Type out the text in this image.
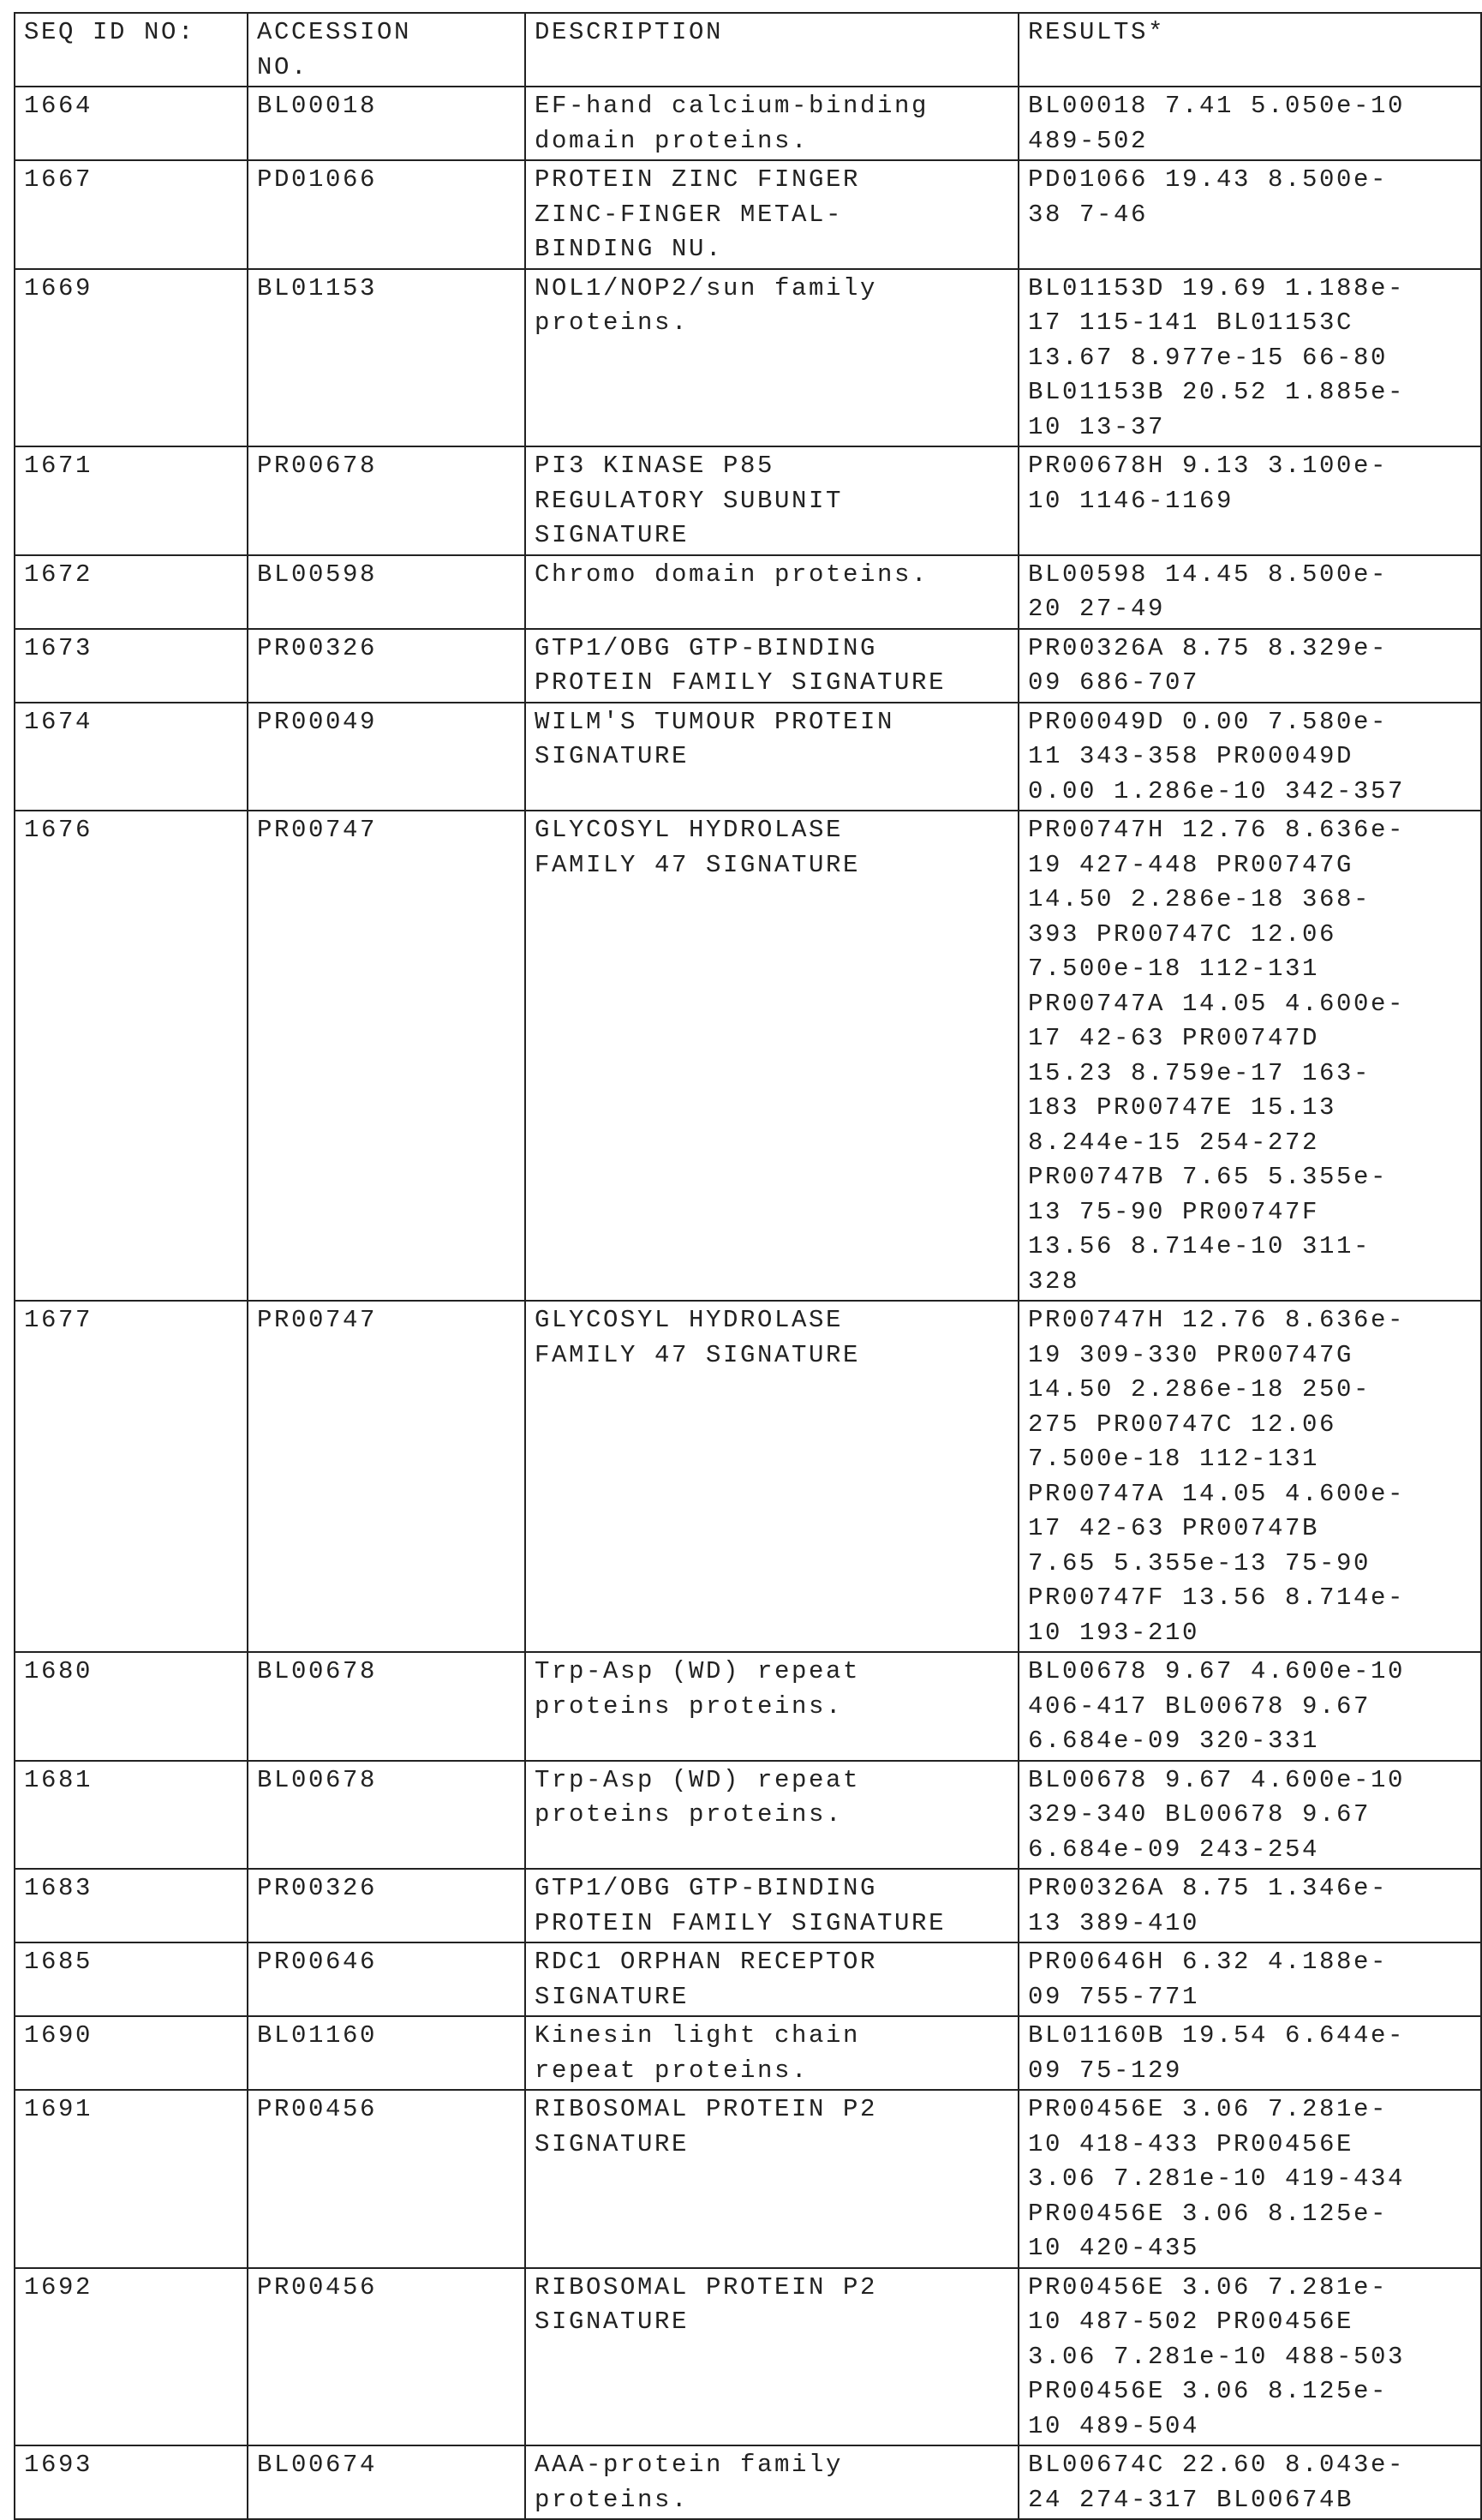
SEQ ID NO:	ACCESSION
NO.	DESCRIPTION	RESULTS*
1664	BL00018	EF-hand calcium-binding
domain proteins.	BL00018 7.41 5.050e-10
489-502
1667	PD01066	PROTEIN ZINC FINGER
ZINC-FINGER METAL-
BINDING NU.	PD01066 19.43 8.500e-
38 7-46
1669	BL01153	NOL1/NOP2/sun family
proteins.	BL01153D 19.69 1.188e-
17 115-141 BL01153C
13.67 8.977e-15 66-80
BL01153B 20.52 1.885e-
10 13-37
1671	PR00678	PI3 KINASE P85
REGULATORY SUBUNIT
SIGNATURE	PR00678H 9.13 3.100e-
10 1146-1169
1672	BL00598	Chromo domain proteins.	BL00598 14.45 8.500e-
20 27-49
1673	PR00326	GTP1/OBG GTP-BINDING
PROTEIN FAMILY SIGNATURE	PR00326A 8.75 8.329e-
09 686-707
1674	PR00049	WILM'S TUMOUR PROTEIN
SIGNATURE	PR00049D 0.00 7.580e-
11 343-358 PR00049D
0.00 1.286e-10 342-357
1676	PR00747	GLYCOSYL HYDROLASE
FAMILY 47 SIGNATURE	PR00747H 12.76 8.636e-
19 427-448 PR00747G
14.50 2.286e-18 368-
393 PR00747C 12.06
7.500e-18 112-131
PR00747A 14.05 4.600e-
17 42-63 PR00747D
15.23 8.759e-17 163-
183 PR00747E 15.13
8.244e-15 254-272
PR00747B 7.65 5.355e-
13 75-90 PR00747F
13.56 8.714e-10 311-
328
1677	PR00747	GLYCOSYL HYDROLASE
FAMILY 47 SIGNATURE	PR00747H 12.76 8.636e-
19 309-330 PR00747G
14.50 2.286e-18 250-
275 PR00747C 12.06
7.500e-18 112-131
PR00747A 14.05 4.600e-
17 42-63 PR00747B
7.65 5.355e-13 75-90
PR00747F 13.56 8.714e-
10 193-210
1680	BL00678	Trp-Asp (WD) repeat
proteins proteins.	BL00678 9.67 4.600e-10
406-417 BL00678 9.67
6.684e-09 320-331
1681	BL00678	Trp-Asp (WD) repeat
proteins proteins.	BL00678 9.67 4.600e-10
329-340 BL00678 9.67
6.684e-09 243-254
1683	PR00326	GTP1/OBG GTP-BINDING
PROTEIN FAMILY SIGNATURE	PR00326A 8.75 1.346e-
13 389-410
1685	PR00646	RDC1 ORPHAN RECEPTOR
SIGNATURE	PR00646H 6.32 4.188e-
09 755-771
1690	BL01160	Kinesin light chain
repeat proteins.	BL01160B 19.54 6.644e-
09 75-129
1691	PR00456	RIBOSOMAL PROTEIN P2
SIGNATURE	PR00456E 3.06 7.281e-
10 418-433 PR00456E
3.06 7.281e-10 419-434
PR00456E 3.06 8.125e-
10 420-435
1692	PR00456	RIBOSOMAL PROTEIN P2
SIGNATURE	PR00456E 3.06 7.281e-
10 487-502 PR00456E
3.06 7.281e-10 488-503
PR00456E 3.06 8.125e-
10 489-504
1693	BL00674	AAA-protein family
proteins.	BL00674C 22.60 8.043e-
24 274-317 BL00674B
